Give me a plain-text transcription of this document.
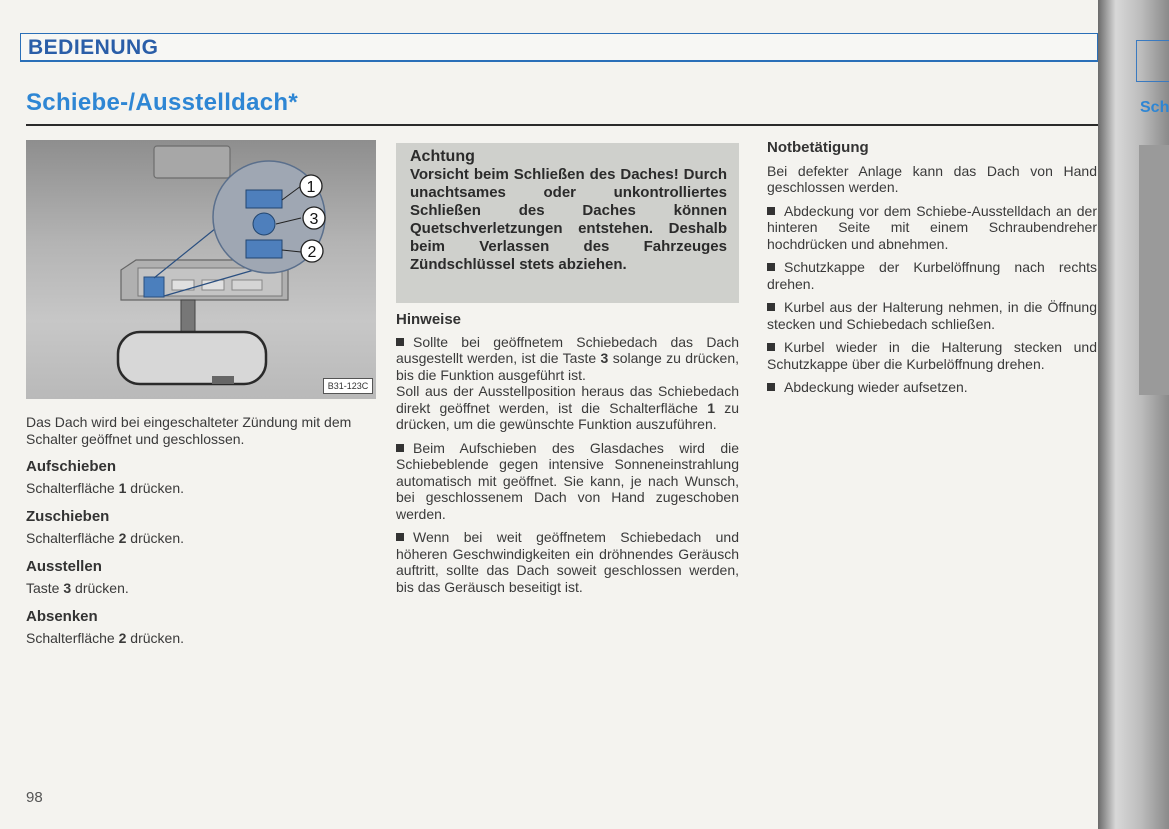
BEDIENUNG
Schiebe-/Ausstelldach*
1
3
2
B31-123C

Das Dach wird bei eingeschalteter Zündung mit dem Schalter geöffnet und geschlossen.

Aufschieben

Schalterfläche 1 drücken.

Zuschieben

Schalterfläche 2 drücken.

Ausstellen

Taste 3 drücken.

Absenken

Schalterfläche 2 drücken.

Achtung
Vorsicht beim Schließen des Daches! Durch unachtsames oder unkontrolliertes Schließen des Daches können Quetschverletzungen entstehen. Deshalb beim Verlassen des Fahrzeuges Zündschlüssel stets abziehen.
Hinweise

Sollte bei geöffnetem Schiebedach das Dach ausgestellt werden, ist die Taste 3 solange zu drücken, bis die Funktion ausgeführt ist.

Soll aus der Ausstellposition heraus das Schiebedach direkt geöffnet werden, ist die Schalterfläche 1 zu drücken, um die gewünschte Funktion auszuführen.

Beim Aufschieben des Glasdaches wird die Schiebeblende gegen intensive Sonneneinstrahlung automatisch mit geöffnet. Sie kann, je nach Wunsch, bei geschlossenem Dach von Hand zugeschoben werden.

Wenn bei weit geöffnetem Schiebedach und höheren Geschwindigkeiten ein dröhnendes Geräusch auftritt, sollte das Dach soweit geschlossen werden, bis das Geräusch beseitigt ist.

Notbetätigung

Bei defekter Anlage kann das Dach von Hand geschlossen werden.

Abdeckung vor dem Schiebe-Ausstelldach an der hinteren Seite mit einem Schraubendreher hochdrücken und abnehmen.

Schutzkappe der Kurbelöffnung nach rechts drehen.

Kurbel aus der Halterung nehmen, in die Öffnung stecken und Schiebedach schließen.

Kurbel wieder in die Halterung stecken und Schutzkappe über die Kurbelöffnung drehen.

Abdeckung wieder aufsetzen.

98
Sch
